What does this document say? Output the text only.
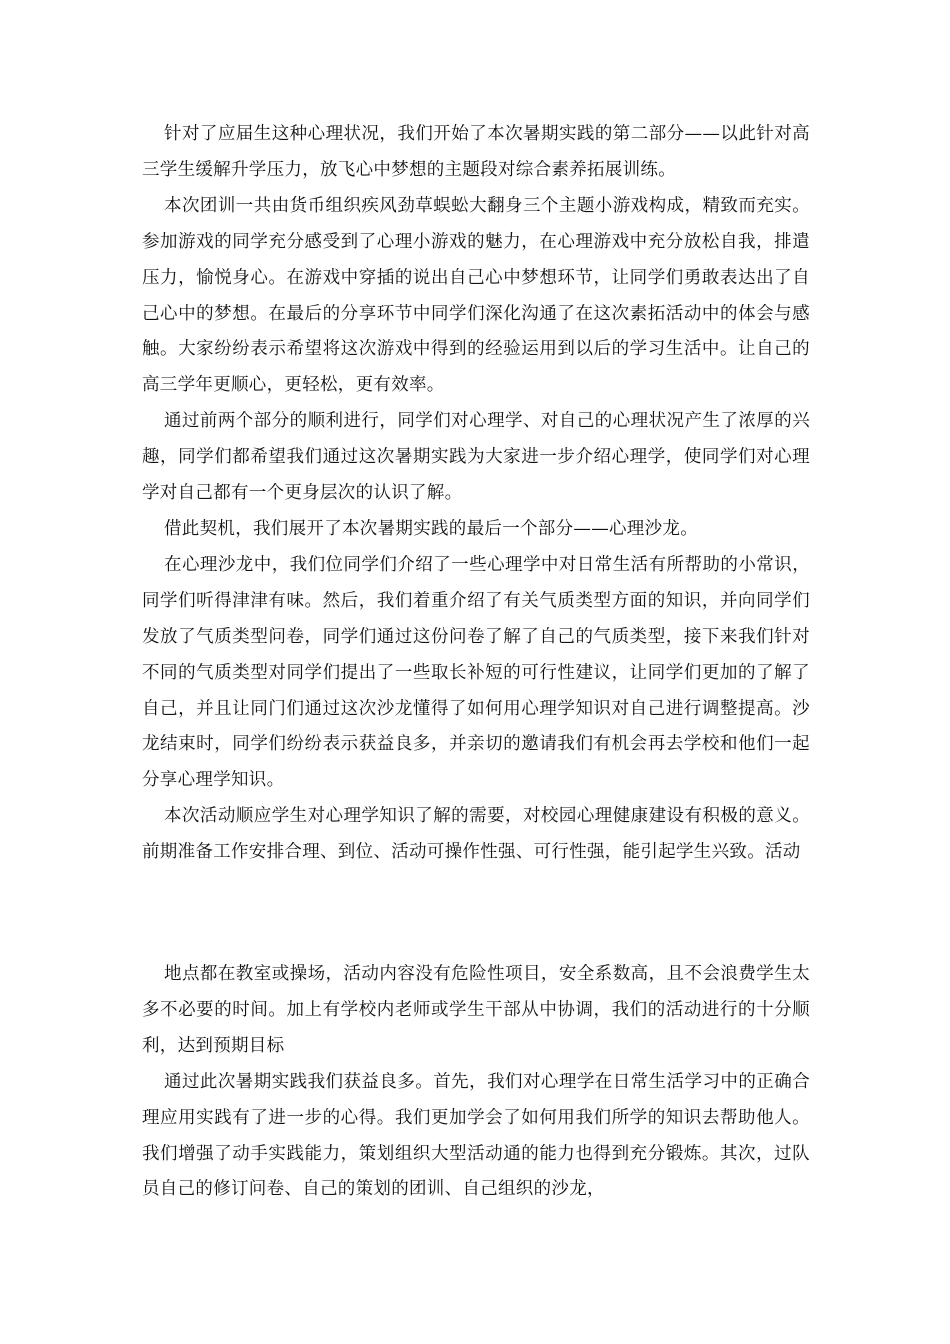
针对了应届生这种心理状况，我们开始了本次暑期实践的第二部分——以此针对高三学生缓解升学压力，放飞心中梦想的主题段对综合素养拓展训练。

本次团训一共由货币组织疾风劲草蜈蚣大翻身三个主题小游戏构成，精致而充实。参加游戏的同学充分感受到了心理小游戏的魅力，在心理游戏中充分放松自我，排遣压力，愉悦身心。在游戏中穿插的说出自己心中梦想环节，让同学们勇敢表达出了自己心中的梦想。在最后的分享环节中同学们深化沟通了在这次素拓活动中的体会与感触。大家纷纷表示希望将这次游戏中得到的经验运用到以后的学习生活中。让自己的高三学年更顺心，更轻松，更有效率。

通过前两个部分的顺利进行，同学们对心理学、对自己的心理状况产生了浓厚的兴趣，同学们都希望我们通过这次暑期实践为大家进一步介绍心理学，使同学们对心理学对自己都有一个更身层次的认识了解。

借此契机，我们展开了本次暑期实践的最后一个部分——心理沙龙。

在心理沙龙中，我们位同学们介绍了一些心理学中对日常生活有所帮助的小常识，同学们听得津津有味。然后，我们着重介绍了有关气质类型方面的知识，并向同学们发放了气质类型问卷，同学们通过这份问卷了解了自己的气质类型，接下来我们针对不同的气质类型对同学们提出了一些取长补短的可行性建议，让同学们更加的了解了自己，并且让同门们通过这次沙龙懂得了如何用心理学知识对自己进行调整提高。沙龙结束时，同学们纷纷表示获益良多，并亲切的邀请我们有机会再去学校和他们一起分享心理学知识。

本次活动顺应学生对心理学知识了解的需要，对校园心理健康建设有积极的意义。前期准备工作安排合理、到位、活动可操作性强、可行性强，能引起学生兴致。活动

地点都在教室或操场，活动内容没有危险性项目，安全系数高，且不会浪费学生太多不必要的时间。加上有学校内老师或学生干部从中协调，我们的活动进行的十分顺利，达到预期目标

通过此次暑期实践我们获益良多。首先，我们对心理学在日常生活学习中的正确合理应用实践有了进一步的心得。我们更加学会了如何用我们所学的知识去帮助他人。我们增强了动手实践能力，策划组织大型活动通的能力也得到充分锻炼。其次，过队员自己的修订问卷、自己的策划的团训、自己组织的沙龙，
